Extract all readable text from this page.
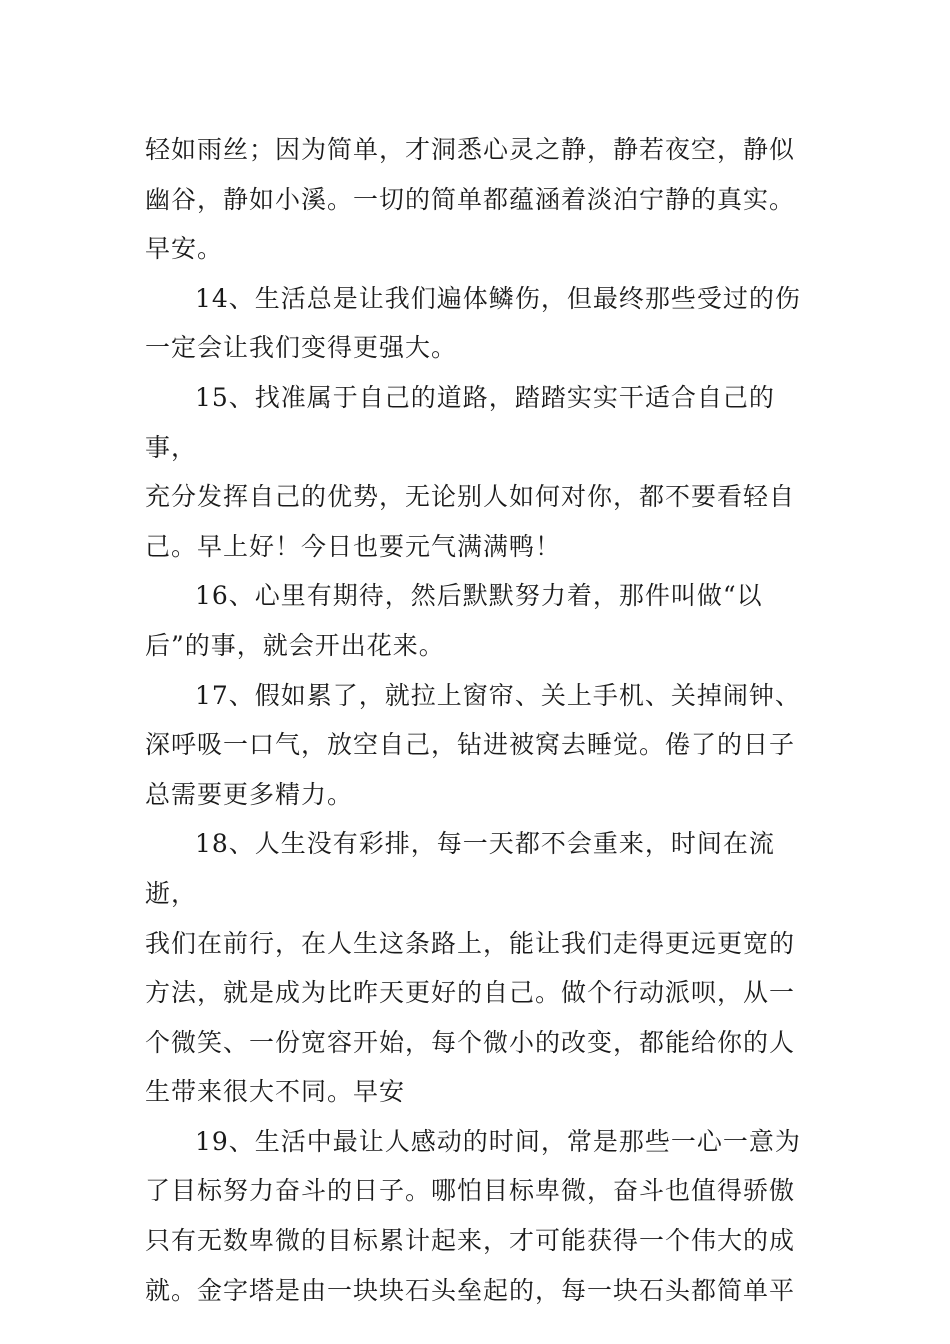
轻如雨丝；因为简单，才洞悉心灵之静，静若夜空，静似
幽谷，静如小溪。一切的简单都蕴涵着淡泊宁静的真实。
早安。

14、生活总是让我们遍体鳞伤，但最终那些受过的伤
一定会让我们变得更强大。

15、找准属于自己的道路，踏踏实实干适合自己的事，
充分发挥自己的优势，无论别人如何对你，都不要看轻自
己。早上好！今日也要元气满满鸭！

16、心里有期待，然后默默努力着，那件叫做“以
后”的事，就会开出花来。

17、假如累了，就拉上窗帘、关上手机、关掉闹钟、
深呼吸一口气，放空自己，钻进被窝去睡觉。倦了的日子
总需要更多精力。

18、人生没有彩排，每一天都不会重来，时间在流逝，
我们在前行，在人生这条路上，能让我们走得更远更宽的
方法，就是成为比昨天更好的自己。做个行动派呗，从一
个微笑、一份宽容开始，每个微小的改变，都能给你的人
生带来很大不同。早安

19、生活中最让人感动的时间，常是那些一心一意为
了目标努力奋斗的日子。哪怕目标卑微，奋斗也值得骄傲
只有无数卑微的目标累计起来，才可能获得一个伟大的成
就。金字塔是由一块块石头垒起的，每一块石头都简单平
